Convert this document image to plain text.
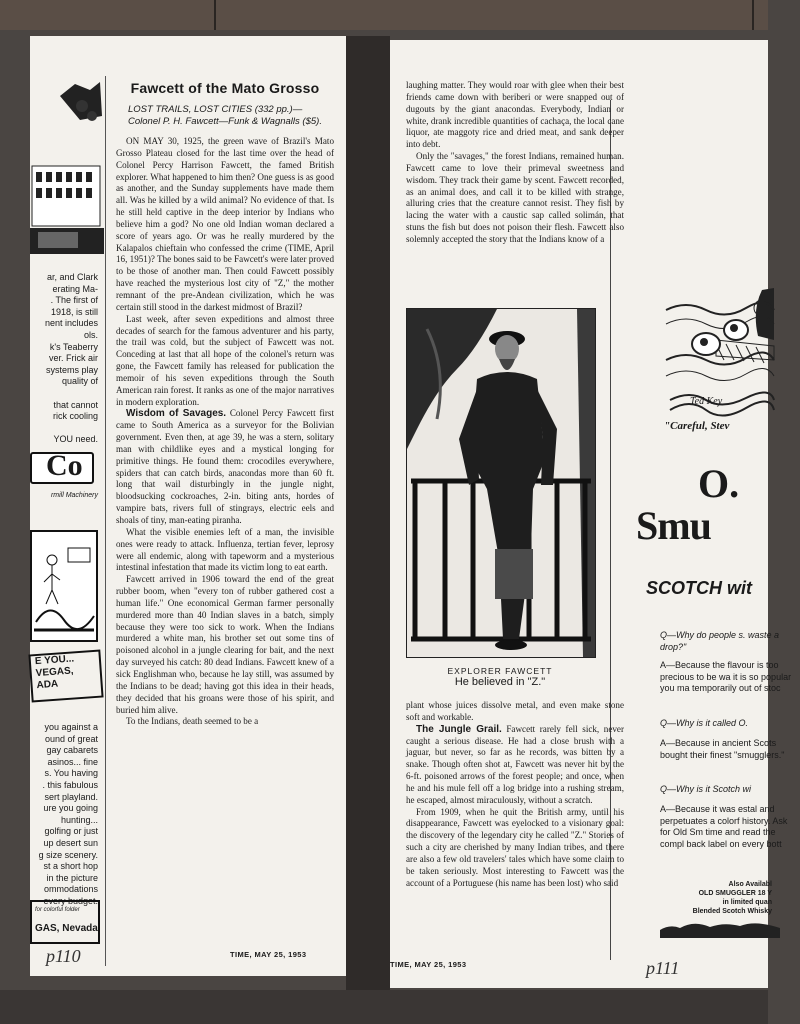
ar, and Clark
erating Ma-
. The first of
1918, is still
nent includes
ols.
k's Teaberry
ver. Frick air
systems play
quality of

that cannot
rick cooling

YOU need.
Co
rmill Machinery
E YOU...
VEGAS,
ADA
you against a
ound of great
gay cabarets
asinos... fine
s. You having
. this fabulous
sert playland.
ure you going
hunting...
golfing or just
up desert sun
g size scenery.
st a short hop
in the picture
ommodations
every budget.
for colorful folder
GAS, Nevada
Fawcett of the Mato Grosso
LOST TRAILS, LOST CITIES (332 pp.)— Colonel P. H. Fawcett—Funk & Wagnalls ($5).

ON MAY 30, 1925, the green wave of Brazil's Mato Grosso Plateau closed for the last time over the head of Colonel Percy Harrison Fawcett, the famed British explorer. What happened to him then? One guess is as good as another, and the Sunday supplements have made them all. Was he killed by a wild animal? No evidence of that. Is he still held captive in the deep interior by Indians who believe him a god? No one old Indian woman declared a score of years ago. Or was he really murdered by the Kalapalos chieftain who confessed the crime (TIME, April 16, 1951)? The bones said to be Fawcett's were later proved to be those of another man. Then could Fawcett possibly have reached the mysterious lost city of "Z," the mother remnant of the pre-Andean civilization, which he was certain still stood in the darkest midmost of Brazil?

Last week, after seven expeditions and almost three decades of search for the famous adventurer and his party, the trail was cold, but the subject of Fawcett was not. Conceding at last that all hope of the colonel's return was gone, the Fawcett family has released for publication the memoir of his seven expeditions through the South American rain forest. It ranks as one of the major narratives in modern exploration.

Wisdom of Savages. Colonel Percy Fawcett first came to South America as a surveyor for the Bolivian government. Even then, at age 39, he was a stern, solitary man with childlike eyes and a mystical longing for primitive things. He found them: crocodiles everywhere, spiders that can catch birds, anacondas more than 60 ft. long that wail disturbingly in the jungle night, bloodsucking cockroaches, 2-in. biting ants, hordes of vampire bats, rivers full of stingrays, electric eels and shoals of tiny, man-eating piranha.

What the visible enemies left of a man, the invisible ones were ready to attack. Influenza, tertian fever, leprosy were all endemic, along with tapeworm and a mysterious intestinal infestation that made its victim long to eat earth.

Fawcett arrived in 1906 toward the end of the great rubber boom, when "every ton of rubber gathered cost a human life." One economical German farmer personally murdered more than 40 Indian slaves in a batch, simply because they were too sick to work. When the Indians murdered a white man, his brother set out some tins of poisoned alcohol in a jungle clearing for bait, and the next day surveyed his catch: 80 dead Indians. Fawcett knew of a sick Englishman who, because he lay still, was assumed by the Indians to be dead; having got this idea in their heads, they decided that his groans were those of his spirit, and buried him alive.

To the Indians, death seemed to be a

TIME, MAY 25, 1953
p110

laughing matter. They would roar with glee when their best friends came down with beriberi or were snapped out of dugouts by the giant anacondas. Everybody, Indian or white, drank incredible quantities of cachaça, the local cane liquor, ate maggoty rice and dried meat, and sank deeper into debt.

Only the "savages," the forest Indians, remained human. Fawcett came to love their primeval sweetness and wisdom. They track their game by scent. Fawcett recorded, as an animal does, and call it to be killed with strange, alluring cries that the creature cannot resist. They fish by lacing the water with a caustic sap called solimán, that stuns the fish but does not poison their flesh. Fawcett also solemnly accepted the story that the Indians know of a

EXPLORER FAWCETT
He believed in "Z."

plant whose juices dissolve metal, and even make stone soft and workable.

The Jungle Grail. Fawcett rarely fell sick, never caught a serious disease. He had a close brush with a jaguar, but never, so far as he records, was bitten by a snake. Though often shot at, Fawcett was never hit by the 6-ft. poisoned arrows of the forest people; and once, when he and his mule fell off a log bridge into a rushing stream, he escaped, almost miraculously, without a scratch.

From 1909, when he quit the British army, until his disappearance, Fawcett was eyelocked to a visionary goal: the discovery of the legendary city he called "Z." Stories of such a city are cherished by many Indian tribes, and there are also a few old travelers' tales which have some claim to be taken seriously. Most interesting to Fawcett was the account of a Portuguese (his name has been lost) who said

TIME, MAY 25, 1953	p111
Ted Key
"Careful, Stev
O.
Smu
SCOTCH wit
Q—Why do people s. waste a drop?"
A—Because the flavour is too precious to be wa it is so popular you ma temporarily out of stoc
Q—Why is it called O.
A—Because in ancient Scots bought their finest "smugglers."
Q—Why is it Scotch wi
A—Because it was estal and perpetuates a colorf history. Ask for Old Sm time and read the compl back label on every bott
Also Availabl
OLD SMUGGLER 18 Y
in limited quan
Blended Scotch Whisky
